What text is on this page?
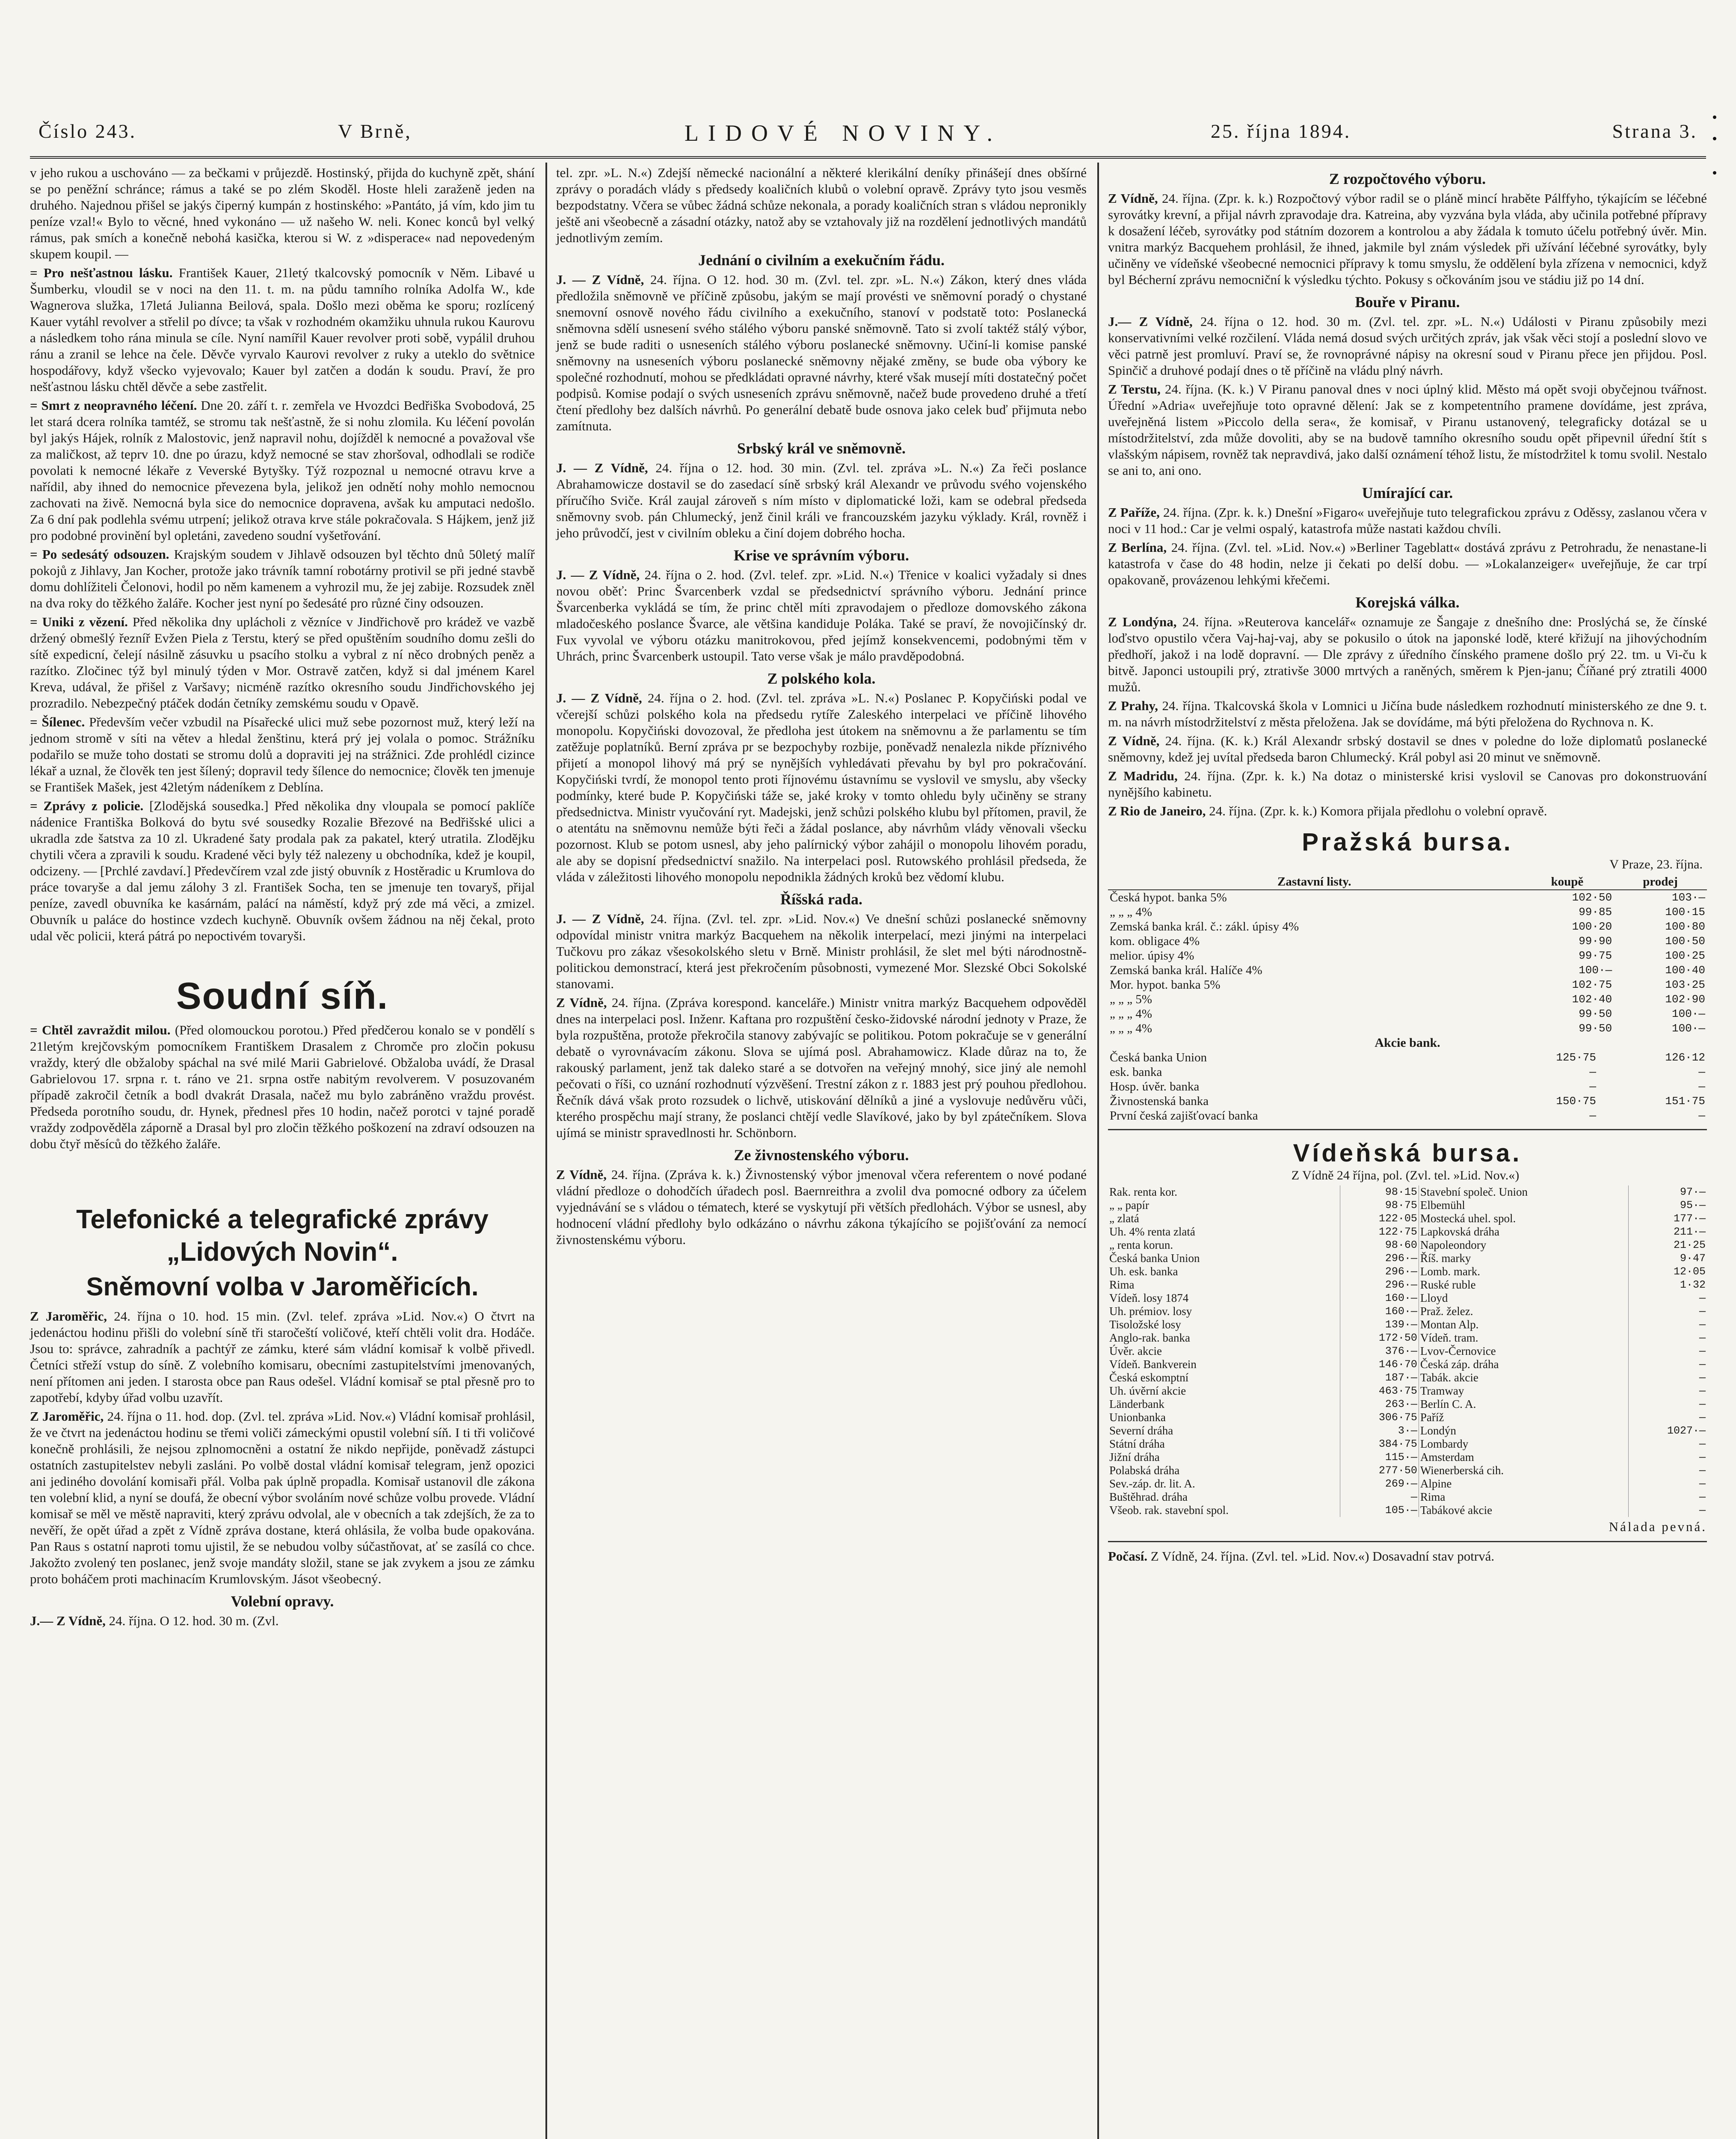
Číslo 243.	V Brně,	LIDOVÉ NOVINY.	25. října 1894.	Strana 3.

v jeho rukou a uschováno — za bečkami v průjezdě. Hostinský, přijda do kuchyně zpět, shání se po peněžní schránce; rámus a také se po zlém Skoděl. Hoste hleli zaraženě jeden na druhého. Najednou přišel se jakýs čiperný kumpán z hostinského: »Pantáto, já vím, kdo jim tu peníze vzal!« Bylo to věcné, hned vykonáno — už našeho W. neli. Konec konců byl velký rámus, pak smích a konečně nebohá kasička, kterou si W. z »disperace« nad nepovedeným skupem koupil. —

= Pro nešťastnou lásku. František Kauer, 21letý tkalcovský pomocník v Něm. Libavé u Šumberku, vloudil se v noci na den 11. t. m. na půdu tamního rolníka Adolfa W., kde Wagnerova služka, 17letá Julianna Beilová, spala. Došlo mezi oběma ke sporu; rozlícený Kauer vytáhl revolver a střelil po dívce; ta však v rozhodném okamžiku uhnula rukou Kaurovu a následkem toho rána minula se cíle. Nyní namířil Kauer revolver proti sobě, vypálil druhou ránu a zranil se lehce na čele. Děvče vyrvalo Kaurovi revolver z ruky a uteklo do světnice hospodářovy, když všecko vyjevovalo; Kauer byl zatčen a dodán k soudu. Praví, že pro nešťastnou lásku chtěl děvče a sebe zastřelit.

= Smrt z neopravného léčení. Dne 20. září t. r. zemřela ve Hvozdci Bedřiška Svobodová, 25 let stará dcera rolníka tamtéž, se stromu tak nešťastně, že si nohu zlomila. Ku léčení povolán byl jakýs Hájek, rolník z Malostovic, jenž napravil nohu, dojížděl k nemocné a považoval vše za maličkost, až teprv 10. dne po úrazu, když nemocné se stav zhoršoval, odhodlali se rodiče povolati k nemocné lékaře z Veverské Bytyšky. Týž rozpoznal u nemocné otravu krve a nařídil, aby ihned do nemocnice převezena byla, jelikož jen odnětí nohy mohlo nemocnou zachovati na živě. Nemocná byla sice do nemocnice dopravena, avšak ku amputaci nedošlo. Za 6 dní pak podlehla svému utrpení; jelikož otrava krve stále pokračovala. S Hájkem, jenž již pro podobné provinění byl opletáni, zavedeno soudní vyšetřování.

= Po sedesátý odsouzen. Krajským soudem v Jihlavě odsouzen byl těchto dnů 50letý malíř pokojů z Jihlavy, Jan Kocher, protože jako trávník tamní robotárny protivil se při jedné stavbě domu dohlížiteli Čelonovi, hodil po něm kamenem a vyhrozil mu, že jej zabije. Rozsudek zněl na dva roky do těžkého žaláře. Kocher jest nyní po šedesáté pro různé činy odsouzen.

= Uniki z vězení. Před několika dny uplácholi z vězníce v Jindřichově pro krádež ve vazbě držený obmešlý řezníř Evžen Piela z Terstu, který se před opuštěním soudního domu zešli do sítě expedicní, čelejí násilně zásuvku u psacího stolku a vybral z ní něco drobných peněz a razítko. Zločinec týž byl minulý týden v Mor. Ostravě zatčen, když si dal jménem Karel Kreva, udával, že přišel z Varšavy; nicméně razítko okresního soudu Jindřichovského jej prozradilo. Nebezpečný ptáček dodán četníky zemskému soudu v Opavě.

= Šílenec. Především večer vzbudil na Písařecké ulici muž sebe pozornost muž, který leží na jednom stromě v síti na větev a hledal ženštinu, která prý jej volala o pomoc. Strážníku podařilo se muže toho dostati se stromu dolů a dopraviti jej na strážnici. Zde prohlédl cizince lékař a uznal, že člověk ten jest šílený; dopravil tedy šílence do nemocnice; člověk ten jmenuje se František Mašek, jest 42letým nádeníkem z Deblína.

= Zprávy z policie. [Zlodějská sousedka.] Před několika dny vloupala se pomocí paklíče nádenice Františka Bolková do bytu své sousedky Rozalie Březové na Bedřišské ulici a ukradla zde šatstva za 10 zl. Ukradené šaty prodala pak za pakatel, který utratila. Zlodějku chytili včera a zpravili k soudu. Kradené věci byly též nalezeny u obchodníka, kdež je koupil, odcizeny. — [Prchlé zavdaví.] Předevčírem vzal zde jistý obuvník z Hostěradic u Krumlova do práce tovaryše a dal jemu zálohy 3 zl. František Socha, ten se jmenuje ten tovaryš, přijal peníze, zavedl obuvníka ke kasárnám, palácí na náměstí, když prý zde má věci, a zmizel. Obuvník u paláce do hostince vzdech kuchyně. Obuvník ovšem žádnou na něj čekal, proto udal věc policii, která pátrá po nepoctivém tovaryši.

Soudní síň.

= Chtěl zavraždit milou. (Před olomouckou porotou.) Před předčerou konalo se v pondělí s 21letým krejčovským pomocníkem Františkem Drasalem z Chromče pro zločin pokusu vraždy, který dle obžaloby spáchal na své milé Marii Gabrielové. Obžaloba uvádí, že Drasal Gabrielovou 17. srpna r. t. ráno ve 21. srpna ostře nabitým revolverem. V posuzovaném případě zakročil četník a bodl dvakrát Drasala, načež mu bylo zabráněno vraždu provést. Předseda porotního soudu, dr. Hynek, přednesl přes 10 hodin, načež porotci v tajné poradě vraždy zodpověděla záporně a Drasal byl pro zločin těžkého poškození na zdraví odsouzen na dobu čtyř měsíců do těžkého žaláře.

Telefonické a telegrafické zprávy „Lidových Novin“.
Sněmovní volba v Jaroměřicích.

Z Jaroměřic, 24. října o 10. hod. 15 min. (Zvl. telef. zpráva »Lid. Nov.«) O čtvrt na jedenáctou hodinu přišli do volební síně tři staročeští voličové, kteří chtěli volit dra. Hodáče. Jsou to: správce, zahradník a pachtýř ze zámku, které sám vládní komisař k volbě přivedl. Četníci střeží vstup do síně. Z volebního komisaru, obecními zastupitelstvími jmenovaných, není přítomen ani jeden. I starosta obce pan Raus odešel. Vládní komisař se ptal přesně pro to zapotřebí, kdyby úřad volbu uzavřít.

Z Jaroměřic, 24. října o 11. hod. dop. (Zvl. tel. zpráva »Lid. Nov.«) Vládní komisař prohlásil, že ve čtvrt na jedenáctou hodinu se třemi voliči zámeckými opustil volební síň. I ti tři voličové konečně prohlásili, že nejsou zplnomocněni a ostatní že nikdo nepřijde, poněvadž zástupci ostatních zastupitelstev nebyli zasláni. Po volbě dostal vládní komisař telegram, jenž opozici ani jediného dovolání komisaři přál. Volba pak úplně propadla. Komisař ustanovil dle zákona ten volební klid, a nyní se doufá, že obecní výbor svoláním nové schůze volbu provede. Vládní komisař se měl ve městě napraviti, který zprávu odvolal, ale v obecních a tak zdejších, že za to nevěří, že opět úřad a zpět z Vídně zpráva dostane, která ohlásila, že volba bude opakována. Pan Raus s ostatní naproti tomu ujistil, že se nebudou volby súčastňovat, ať se zasílá co chce. Jakožto zvolený ten poslanec, jenž svoje mandáty složil, stane se jak zvykem a jsou ze zámku proto boháčem proti machinacím Krumlovským. Jásot všeobecný.

Volební opravy.

J.— Z Vídně, 24. října. O 12. hod. 30 m. (Zvl.

tel. zpr. »L. N.«) Zdejší německé nacionální a některé klerikální deníky přinášejí dnes obšírné zprávy o poradách vlády s předsedy koaličních klubů o volební opravě. Zprávy tyto jsou vesměs bezpodstatny. Včera se vůbec žádná schůze nekonala, a porady koaličních stran s vládou nepronikly ještě ani všeobecně a zásadní otázky, natož aby se vztahovaly již na rozdělení jednotlivých mandátů jednotlivým zemím.

Jednání o civilním a exekučním řádu.

J. — Z Vídně, 24. října. O 12. hod. 30 m. (Zvl. tel. zpr. »L. N.«) Zákon, který dnes vláda předložila sněmovně ve příčině způsobu, jakým se mají provésti ve sněmovní poradý o chystané snemovní osnově nového řádu civilního a exekučního, stanoví v podstatě toto: Poslanecká sněmovna sdělí usnesení svého stálého výboru panské sněmovně. Tato si zvolí taktéž stálý výbor, jenž se bude raditi o usneseních stálého výboru poslanecké sněmovny. Učiní-li komise panské sněmovny na usneseních výboru poslanecké sněmovny nějaké změny, se bude oba výbory ke společné rozhodnutí, mohou se předkládati opravné návrhy, které však musejí míti dostatečný počet podpisů. Komise podají o svých usneseních zprávu sněmovně, načež bude provedeno druhé a třetí čtení předlohy bez dalších návrhů. Po generální debatě bude osnova jako celek buď přijmuta nebo zamítnuta.

Srbský král ve sněmovně.

J. — Z Vídně, 24. října o 12. hod. 30 min. (Zvl. tel. zpráva »L. N.«) Za řeči poslance Abrahamowicze dostavil se do zasedací síně srbský král Alexandr ve průvodu svého vojenského příručího Sviče. Král zaujal zároveň s ním místo v diplomatické loži, kam se odebral předseda sněmovny svob. pán Chlumecký, jenž činil králi ve francouzském jazyku výklady. Král, rovněž i jeho průvodčí, jest v civilním obleku a činí dojem dobrého hocha.

Krise ve správním výboru.

J. — Z Vídně, 24. října o 2. hod. (Zvl. telef. zpr. »Lid. N.«) Třenice v koalici vyžadaly si dnes novou oběť: Princ Švarcenberk vzdal se předsednictví správního výboru. Jednání prince Švarcenberka vykládá se tím, že princ chtěl míti zpravodajem o předloze domovského zákona mladočeského poslance Švarce, ale většina kandiduje Poláka. Také se praví, že novojičínský dr. Fux vyvolal ve výboru otázku manitrokovou, před jejímž konsekvencemi, podobnými těm v Uhrách, princ Švarcenberk ustoupil. Tato verse však je málo pravděpodobná.

Z polského kola.

J. — Z Vídně, 24. října o 2. hod. (Zvl. tel. zpráva »L. N.«) Poslanec P. Kopyčiński podal ve včerejší schůzi polského kola na předsedu rytíře Zaleského interpelaci ve příčině lihového monopolu. Kopyčiński dovozoval, že předloha jest útokem na sněmovnu a že parlamentu se tím zatěžuje poplatníků. Berní zpráva pr se bezpochyby rozbije, poněvadž nenalezla nikde příznivého přijetí a monopol lihový má prý se nynějších vyhledávati převahu by byl pro pokračování. Kopyčiński tvrdí, že monopol tento proti říjnovému ústavnímu se vyslovil ve smyslu, aby všecky podmínky, které bude P. Kopyčiński táže se, jaké kroky v tomto ohledu byly učiněny se strany předsednictva. Ministr vyučování ryt. Madejski, jenž schůzi polského klubu byl přítomen, pravil, že o atentátu na sněmovnu nemůže býti řeči a žádal poslance, aby návrhům vlády věnovali všecku pozornost. Klub se potom usnesl, aby jeho palírnický výbor zahájil o monopolu lihovém poradu, ale aby se dopisní předsednictví snažilo. Na interpelaci posl. Rutowského prohlásil předseda, že vláda v záležitosti lihového monopolu nepodnikla žádných kroků bez vědomí klubu.

Říšská rada.

J. — Z Vídně, 24. října. (Zvl. tel. zpr. »Lid. Nov.«) Ve dnešní schůzi poslanecké sněmovny odpovídal ministr vnitra markýz Bacquehem na několik interpelací, mezi jinými na interpelaci Tučkovu pro zákaz všesokolského sletu v Brně. Ministr prohlásil, že slet mel býti národnostně-politickou demonstrací, která jest překročením působnosti, vymezené Mor. Slezské Obci Sokolské stanovami.

Z Vídně, 24. října. (Zpráva korespond. kanceláře.) Ministr vnitra markýz Bacquehem odpověděl dnes na interpelaci posl. Inženr. Kaftana pro rozpuštění česko-židovské národní jednoty v Praze, že byla rozpuštěna, protože překročila stanovy zabývajíc se politikou. Potom pokračuje se v generální debatě o vyrovnávacím zákonu. Slova se ujímá posl. Abrahamowicz. Klade důraz na to, že rakouský parlament, jenž tak daleko staré a se dotvořen na veřejný mnohý, sice jiný ale nemohl pečovati o říši, co uznání rozhodnutí výzvěšení. Trestní zákon z r. 1883 jest prý pouhou předlohou. Řečník dává však proto rozsudek o lichvě, utiskování dělníků a jiné a vyslovuje nedůvěru vůči, kterého prospěchu mají strany, že poslanci chtějí vedle Slavíkové, jako by byl zpátečníkem. Slova ujímá se ministr spravedlnosti hr. Schönborn.

Ze živnostenského výboru.

Z Vídně, 24. října. (Zpráva k. k.) Živnostenský výbor jmenoval včera referentem o nové podané vládní předloze o dohodčích úřadech posl. Baernreithra a zvolil dva pomocné odbory za účelem vyjednávání se s vládou o tématech, které se vyskytují při větších předlohách. Výbor se usnesl, aby hodnocení vládní předlohy bylo odkázáno o návrhu zákona týkajícího se pojišťování za nemocí živnostenskému výboru.

Z rozpočtového výboru.

Z Vídně, 24. října. (Zpr. k. k.) Rozpočtový výbor radil se o pláně mincí hraběte Pálffyho, týkajícím se léčebné syrovátky krevní, a přijal návrh zpravodaje dra. Katreina, aby vyzvána byla vláda, aby učinila potřebné přípravy k dosažení léčeb, syrovátky pod státním dozorem a kontrolou a aby žádala k tomuto účelu potřebný úvěr. Min. vnitra markýz Bacquehem prohlásil, že ihned, jakmile byl znám výsledek při užívání léčebné syrovátky, byly učiněny ve vídeňské všeobecné nemocnici přípravy k tomu smyslu, že oddělení byla zřízena v nemocnici, když byl Bécherní zprávu nemocniční k výsledku týchto. Pokusy s očkováním jsou ve stádiu již po 14 dní.

Bouře v Piranu.

J.— Z Vídně, 24. října o 12. hod. 30 m. (Zvl. tel. zpr. »L. N.«) Události v Piranu způsobily mezi konservativními velké rozčilení. Vláda nemá dosud svých určitých zpráv, jak však věci stojí a poslední slovo ve věci patrně jest promluví. Praví se, že rovnoprávné nápisy na okresní soud v Piranu přece jen přijdou. Posl. Spinčič a druhové podají dnes o tě příčině na vládu plný návrh.

Z Terstu, 24. října. (K. k.) V Piranu panoval dnes v noci úplný klid. Město má opět svoji obyčejnou tvářnost. Úřední »Adria« uveřejňuje toto opravné dělení: Jak se z kompetentního pramene dovídáme, jest zpráva, uveřejněná listem »Piccolo della sera«, že komisař, v Piranu ustanovený, telegraficky dotázal se u místodržitelství, zda může dovoliti, aby se na budově tamního okresního soudu opět připevnil úřední štít s vlašským nápisem, rovněž tak nepravdivá, jako další oznámení téhož listu, že místodržitel k tomu svolil. Nestalo se ani to, ani ono.

Umírající car.

Z Paříže, 24. října. (Zpr. k. k.) Dnešní »Figaro« uveřejňuje tuto telegrafickou zprávu z Oděssy, zaslanou včera v noci v 11 hod.: Car je velmi ospalý, katastrofa může nastati každou chvíli.

Z Berlína, 24. října. (Zvl. tel. »Lid. Nov.«) »Berliner Tageblatt« dostává zprávu z Petrohradu, že nenastane-li katastrofa v čase do 48 hodin, nelze ji čekati po delší dobu. — »Lokalanzeiger« uveřejňuje, že car trpí opakovaně, provázenou lehkými křečemi.

Korejská válka.

Z Londýna, 24. října. »Reuterova kancelář« oznamuje ze Šangaje z dnešního dne: Proslýchá se, že čínské loďstvo opustilo včera Vaj-haj-vaj, aby se pokusilo o útok na japonské lodě, které křižují na jihovýchodním předhoří, jakož i na lodě dopravní. — Dle zprávy z úředního čínského pramene došlo prý 22. tm. u Vi-ču k bitvě. Japonci ustoupili prý, ztrativše 3000 mrtvých a raněných, směrem k Pjen-janu; Číňané prý ztratili 4000 mužů.

Z Prahy, 24. října. Tkalcovská škola v Lomnici u Jičína bude následkem rozhodnutí ministerského ze dne 9. t. m. na návrh místodržitelství z města přeložena. Jak se dovídáme, má býti přeložena do Rychnova n. K.

Z Vídně, 24. října. (K. k.) Král Alexandr srbský dostavil se dnes v poledne do lože diplomatů poslanecké sněmovny, kdež jej uvítal předseda baron Chlumecký. Král pobyl asi 20 minut ve sněmovně.

Z Madridu, 24. října. (Zpr. k. k.) Na dotaz o ministerské krisi vyslovil se Canovas pro dokonstruování nynějšího kabinetu.

Z Rio de Janeiro, 24. října. (Zpr. k. k.) Komora přijala předlohu o volební opravě.

Pražská bursa.
V Praze, 23. října.
Zastavní listy.	koupě	prodej
Česká hypot. banka 5%	102·50	103·—
„ „ „ 4%	99·85	100·15
Zemská banka král. č.: zákl. úpisy 4%	100·20	100·80
kom. obligace 4%	99·90	100·50
melior. úpisy 4%	99·75	100·25
Zemská banka král. Halíče 4%	100·—	100·40
Mor. hypot. banka 5%	102·75	103·25
„ „ „ 5%	102·40	102·90
„ „ „ 4%	99·50	100·—
„ „ „ 4%	99·50	100·—
Akcie bank.
Česká banka Union	125·75	126·12
esk. banka	—	—
Hosp. úvěr. banka	—	—
Živnostenská banka	150·75	151·75
První česká zajišťovací banka	—	—
Vídeňská bursa.
Z Vídně 24 října, pol. (Zvl. tel. »Lid. Nov.«)
Rak. renta kor.	98·15	Stavební společ. Union	97·—
„ „ papír	98·75	Elbemühl	95·—
„ zlatá	122·05	Mostecká uhel. spol.	177·—
Uh. 4% renta zlatá	122·75	Lapkovská dráha	211·—
„ renta korun.	98·60	Napoleondory	21·25
Česká banka Union	296·—	Říš. marky	9·47
Uh. esk. banka	296·—	Lomb. mark.	12·05
Rima	296·—	Ruské ruble	1·32
Vídeň. losy 1874	160·—	Lloyd	—
Uh. prémiov. losy	160·—	Praž. želez.	—
Tisoložské losy	139·—	Montan Alp.	—
Anglo-rak. banka	172·50	Vídeň. tram.	—
Úvěr. akcie	376·—	Lvov-Černovice	—
Vídeň. Bankverein	146·70	Česká záp. dráha	—
Česká eskomptní	187·—	Tabák. akcie	—
Uh. úvěrní akcie	463·75	Tramway	—
Länderbank	263·—	Berlín C. A.	—
Unionbanka	306·75	Paříž	—
Severní dráha	3·—	Londýn	1027·—
Státní dráha	384·75	Lombardy	—
Jižní dráha	115·—	Amsterdam	—
Polabská dráha	277·50	Wienerberská cih.	—
Sev.-záp. dr. lit. A.	269·—	Alpine	—
Buštěhrad. dráha	—	Rima	—
Všeob. rak. stavební spol.	105·—	Tabákové akcie	—
Nálada pevná.

Počasí. Z Vídně, 24. října. (Zvl. tel. »Lid. Nov.«) Dosavadní stav potrvá.
